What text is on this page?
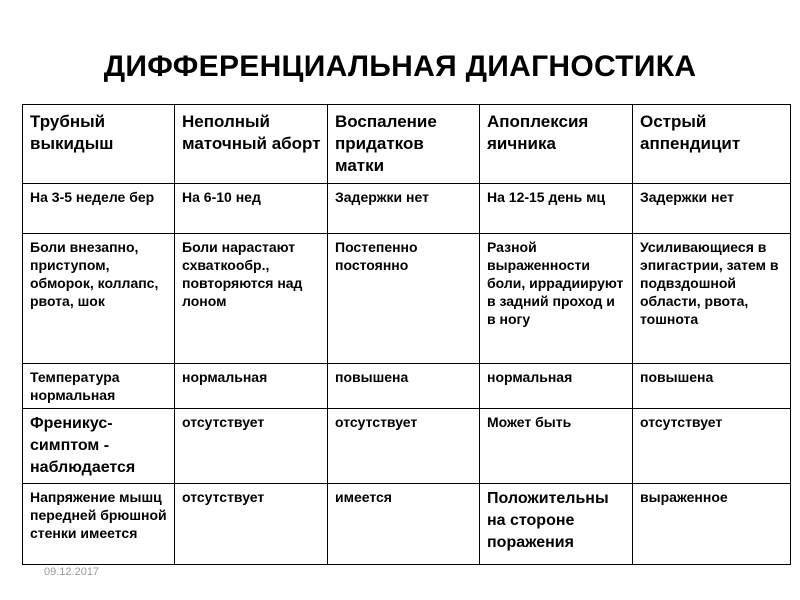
ДИФФЕРЕНЦИАЛЬНАЯ ДИАГНОСТИКА
Трубный выкидыш	Неполный маточный аборт	Воспаление придатков матки	Апоплексия яичника	Острый аппендицит
На 3-5 неделе бер	На 6-10 нед	Задержки нет	На 12-15 день мц	Задержки нет
Боли внезапно, приступом, обморок, коллапс, рвота, шок	Боли нарастают схваткообр., повторяются над лоном	Постепенно постоянно	Разной выраженности боли, иррадиируют в задний проход и в ногу	Усиливающиеся в эпигастрии, затем в подвздошной области, рвота, тошнота
Температура нормальная	нормальная	повышена	нормальная	повышена
Френикус-симптом - наблюдается	отсутствует	отсутствует	Может быть	отсутствует
Напряжение мышц передней брюшной стенки имеется	отсутствует	имеется	Положительны на стороне поражения	выраженное
09.12.2017
